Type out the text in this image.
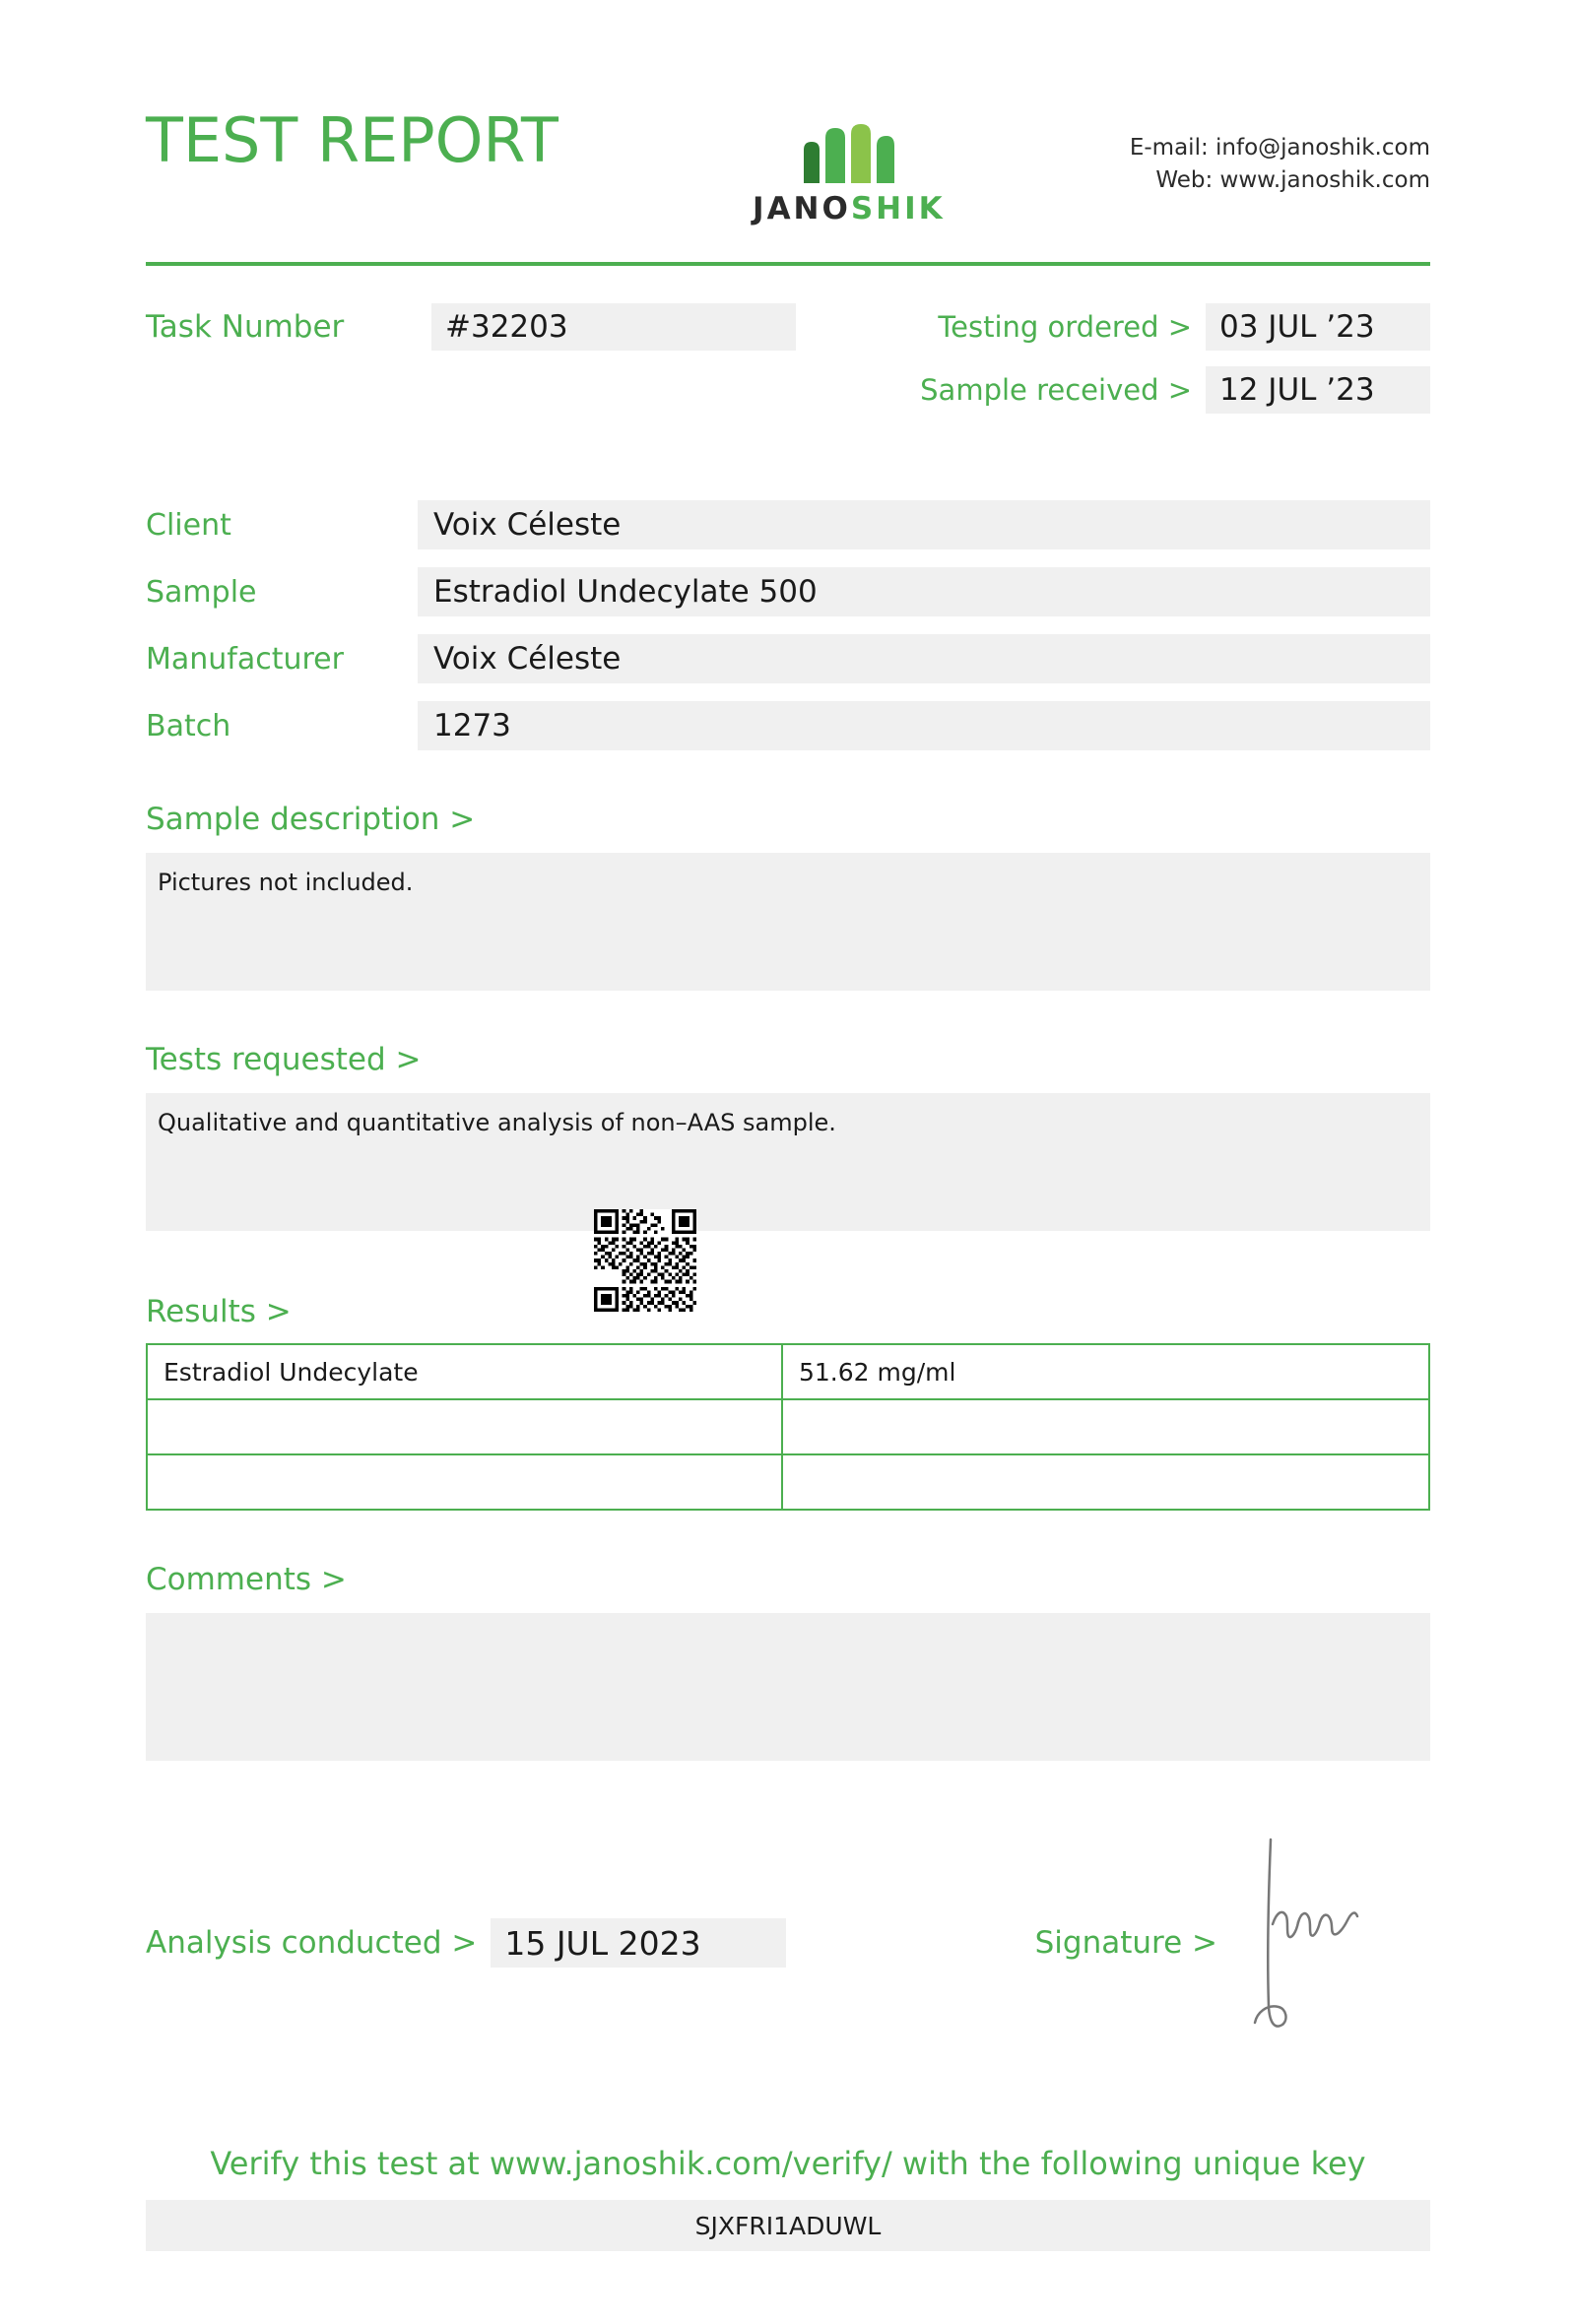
TEST REPORT
JANOSHIK
E-mail: info@janoshik.com
Web: www.janoshik.com
Task Number	#32203	Testing ordered > 03 JUL ’23
Sample received > 12 JUL ’23
Client	Voix Céleste
Sample	Estradiol Undecylate 500
Manufacturer	Voix Céleste
Batch	1273
Sample description >
Pictures not included.
Tests requested >
Qualitative and quantitative analysis of non–AAS sample.
Results >
Estradiol Undecylate	51.62 mg/ml

Comments >
Analysis conducted > 15 JUL 2023	Signature >
Verify this test at www.janoshik.com/verify/ with the following unique key
SJXFRI1ADUWL
